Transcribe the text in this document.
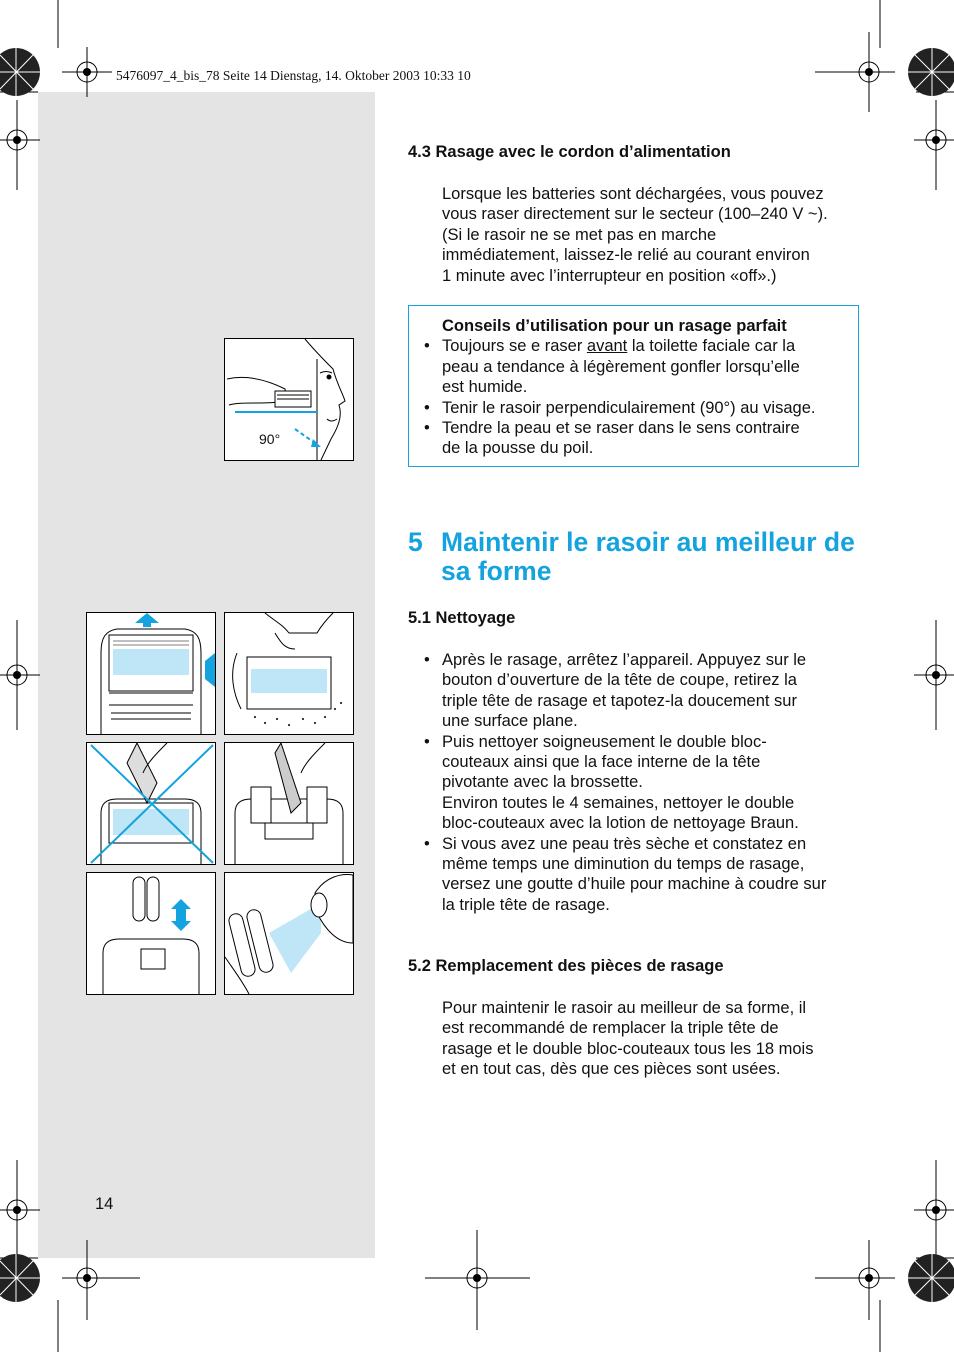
5476097_4_bis_78 Seite 14 Dienstag, 14. Oktober 2003 10:33 10
4.3 Rasage avec le cordon d’alimentation
Lorsque les batteries sont déchargées, vous pouvez
vous raser directement sur le secteur (100–240 V ~).
(Si le rasoir ne se met pas en marche
immédiatement, laissez-le relié au courant environ
1 minute avec l’interrupteur en position «off».)
Conseils d’utilisation pour un rasage parfait
• Toujours se e raser avant la toilette faciale car la
peau a tendance à légèrement gonfler lorsqu’elle
est humide.
• Tenir le rasoir perpendiculairement (90°) au visage.
• Tendre la peau et se raser dans le sens contraire
de la pousse du poil.
90°
5 Maintenir le rasoir au meilleur de sa forme
5.1 Nettoyage
• Après le rasage, arrêtez l’appareil. Appuyez sur le
bouton d’ouverture de la tête de coupe, retirez la
triple tête de rasage et tapotez-la doucement sur
une surface plane.
• Puis nettoyer soigneusement le double bloc-
couteaux ainsi que la face interne de la tête
pivotante avec la brossette.
Environ toutes le 4 semaines, nettoyer le double
bloc-couteaux avec la lotion de nettoyage Braun.
• Si vous avez une peau très sèche et constatez en
même temps une diminution du temps de rasage,
versez une goutte d’huile pour machine à coudre sur
la triple tête de rasage.
5.2 Remplacement des pièces de rasage
Pour maintenir le rasoir au meilleur de sa forme, il
est recommandé de remplacer la triple tête de
rasage et le double bloc-couteaux tous les 18 mois
et en tout cas, dès que ces pièces sont usées.
14
